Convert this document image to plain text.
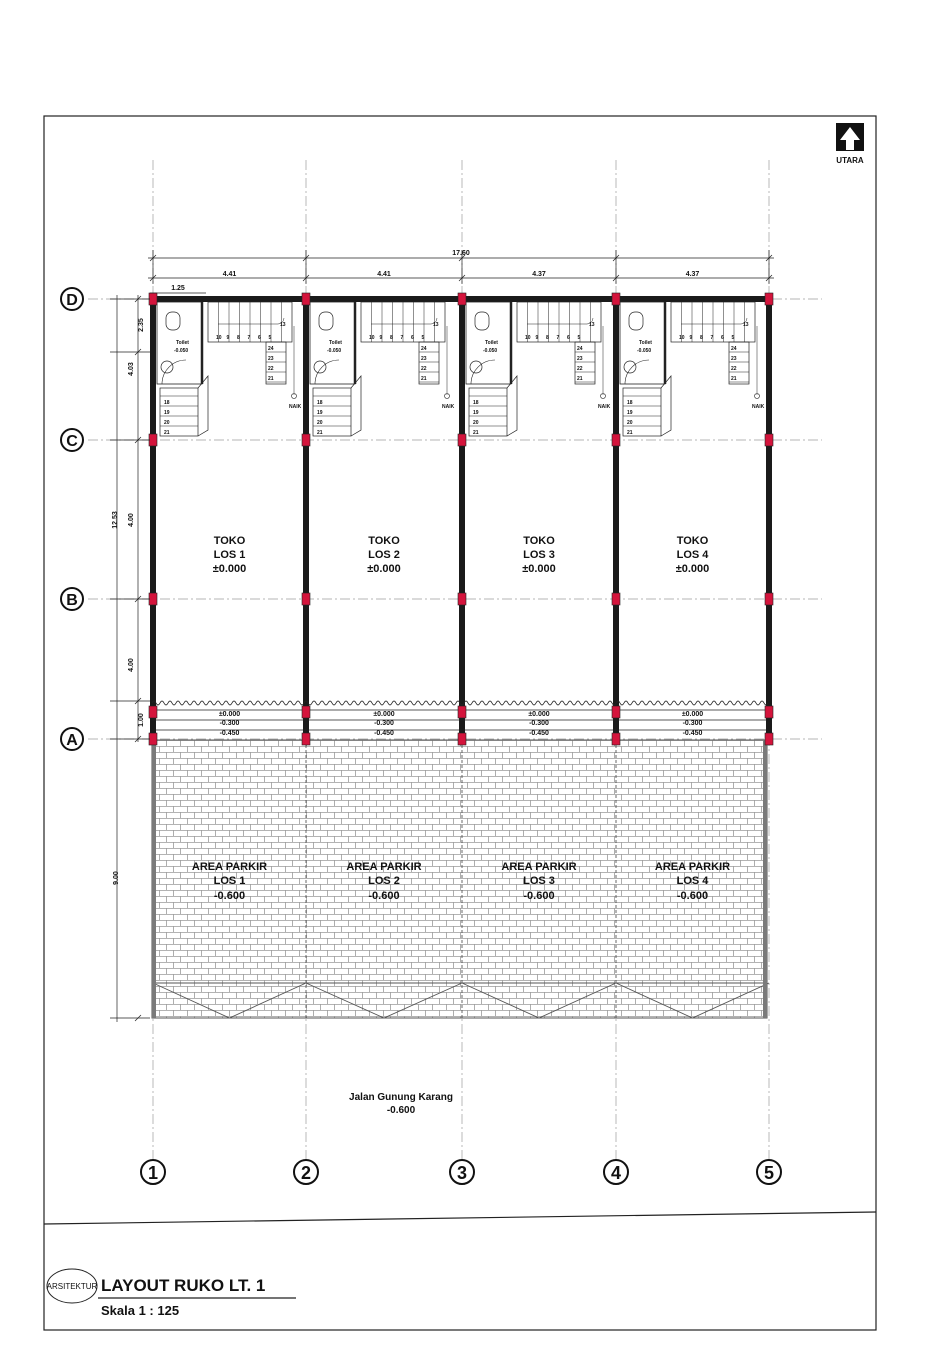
Toilet
-0.050
10 9 8 7 6 5
13
24
23
22
21
NAIK
18
19
20
21
Toilet
-0.050
10 9 8 7 6 5
13
24
23
22
21
NAIK
18
19
20
21
Toilet
-0.050
10 9 8 7 6 5
13
24
23
22
21
NAIK
18
19
20
21
Toilet
-0.050
10 9 8 7 6 5
13
24
23
22
21
NAIK
18
19
20
21
17.60
4.41	4.41	4.37	4.37
1.25
2.35
4.03
4.00
4.00
1.00
9.00
12.53
D
C
B
A
1	2	3	4	5
TOKO
LOS 1
±0.000
TOKO
LOS 2
±0.000
TOKO
LOS 3
±0.000
TOKO
LOS 4
±0.000
AREA PARKIR
LOS 1
-0.600
AREA PARKIR
LOS 2
-0.600
AREA PARKIR
LOS 3
-0.600
AREA PARKIR
LOS 4
-0.600
±0.000
-0.300
-0.450
±0.000
-0.300
-0.450
±0.000
-0.300
-0.450
±0.000
-0.300
-0.450
Jalan Gunung Karang
-0.600
UTARA
ARSITEKTUR LAYOUT RUKO LT. 1
Skala 1 : 125
